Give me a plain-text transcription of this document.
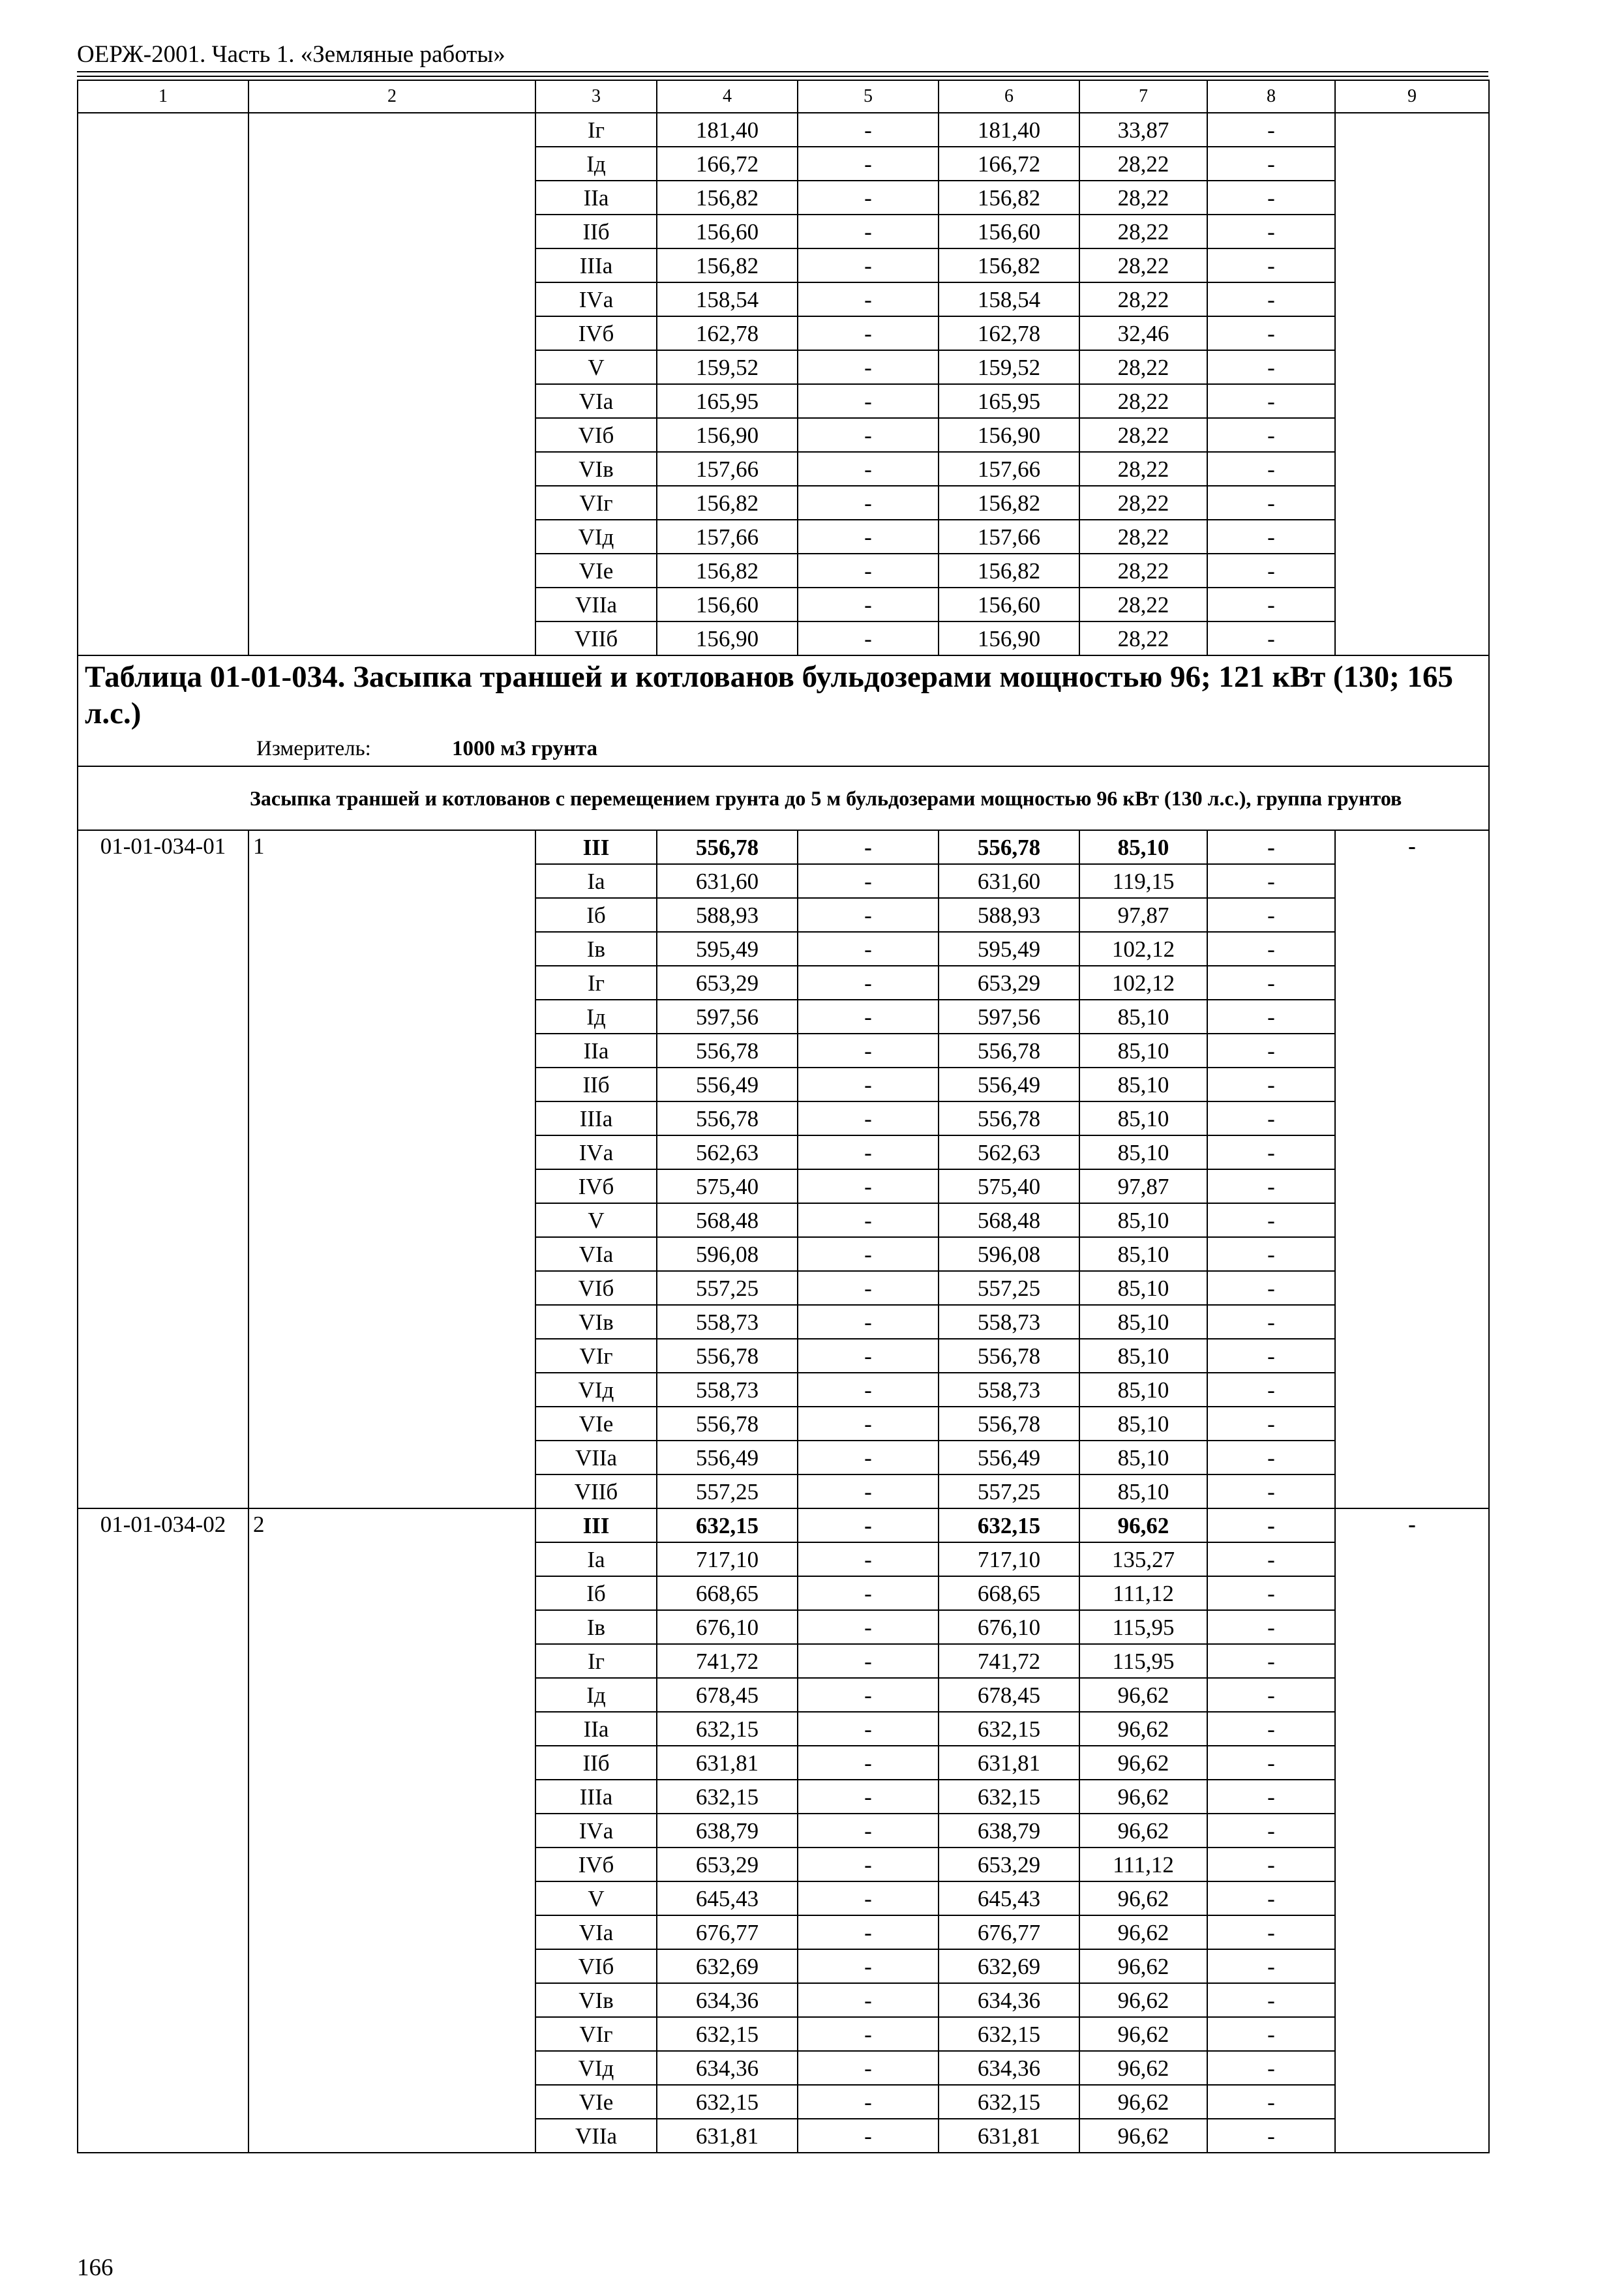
ОЕРЖ-2001. Часть 1. «Земляные работы»
1	2	3	4	5	6	7	8	9
		Iг	181,40	-	181,40	33,87	-	
		Iд	166,72	-	166,72	28,22	-	
		IIа	156,82	-	156,82	28,22	-	
		IIб	156,60	-	156,60	28,22	-	
		IIIа	156,82	-	156,82	28,22	-	
		IVа	158,54	-	158,54	28,22	-	
		IVб	162,78	-	162,78	32,46	-	
		V	159,52	-	159,52	28,22	-	
		VIа	165,95	-	165,95	28,22	-	
		VIб	156,90	-	156,90	28,22	-	
		VIв	157,66	-	157,66	28,22	-	
		VIг	156,82	-	156,82	28,22	-	
		VIд	157,66	-	157,66	28,22	-	
		VIе	156,82	-	156,82	28,22	-	
		VIIа	156,60	-	156,60	28,22	-	
		VIIб	156,90	-	156,90	28,22	-	

Таблица 01-01-034. Засыпка траншей и котлованов бульдозерами мощностью 96; 121 кВт (130; 165 л.с.)
Измеритель: 1000 м3 грунта								

Засыпка траншей и котлованов с перемещением грунта до 5 м бульдозерами мощностью 96 кВт (130 л.с.), группа грунтов								

01-01-034-01	1	III	556,78	-	556,78	85,10	-	-
		Iа	631,60	-	631,60	119,15	-	
		Iб	588,93	-	588,93	97,87	-	
		Iв	595,49	-	595,49	102,12	-	
		Iг	653,29	-	653,29	102,12	-	
		Iд	597,56	-	597,56	85,10	-	
		IIа	556,78	-	556,78	85,10	-	
		IIб	556,49	-	556,49	85,10	-	
		IIIа	556,78	-	556,78	85,10	-	
		IVа	562,63	-	562,63	85,10	-	
		IVб	575,40	-	575,40	97,87	-	
		V	568,48	-	568,48	85,10	-	
		VIа	596,08	-	596,08	85,10	-	
		VIб	557,25	-	557,25	85,10	-	
		VIв	558,73	-	558,73	85,10	-	
		VIг	556,78	-	556,78	85,10	-	
		VIд	558,73	-	558,73	85,10	-	
		VIе	556,78	-	556,78	85,10	-	
		VIIа	556,49	-	556,49	85,10	-	
		VIIб	557,25	-	557,25	85,10	-	
01-01-034-02	2	III	632,15	-	632,15	96,62	-	-
		Iа	717,10	-	717,10	135,27	-	
		Iб	668,65	-	668,65	111,12	-	
		Iв	676,10	-	676,10	115,95	-	
		Iг	741,72	-	741,72	115,95	-	
		Iд	678,45	-	678,45	96,62	-	
		IIа	632,15	-	632,15	96,62	-	
		IIб	631,81	-	631,81	96,62	-	
		IIIа	632,15	-	632,15	96,62	-	
		IVа	638,79	-	638,79	96,62	-	
		IVб	653,29	-	653,29	111,12	-	
		V	645,43	-	645,43	96,62	-	
		VIа	676,77	-	676,77	96,62	-	
		VIб	632,69	-	632,69	96,62	-	
		VIв	634,36	-	634,36	96,62	-	
		VIг	632,15	-	632,15	96,62	-	
		VIд	634,36	-	634,36	96,62	-	
		VIе	632,15	-	632,15	96,62	-	
		VIIа	631,81	-	631,81	96,62	-	
166
